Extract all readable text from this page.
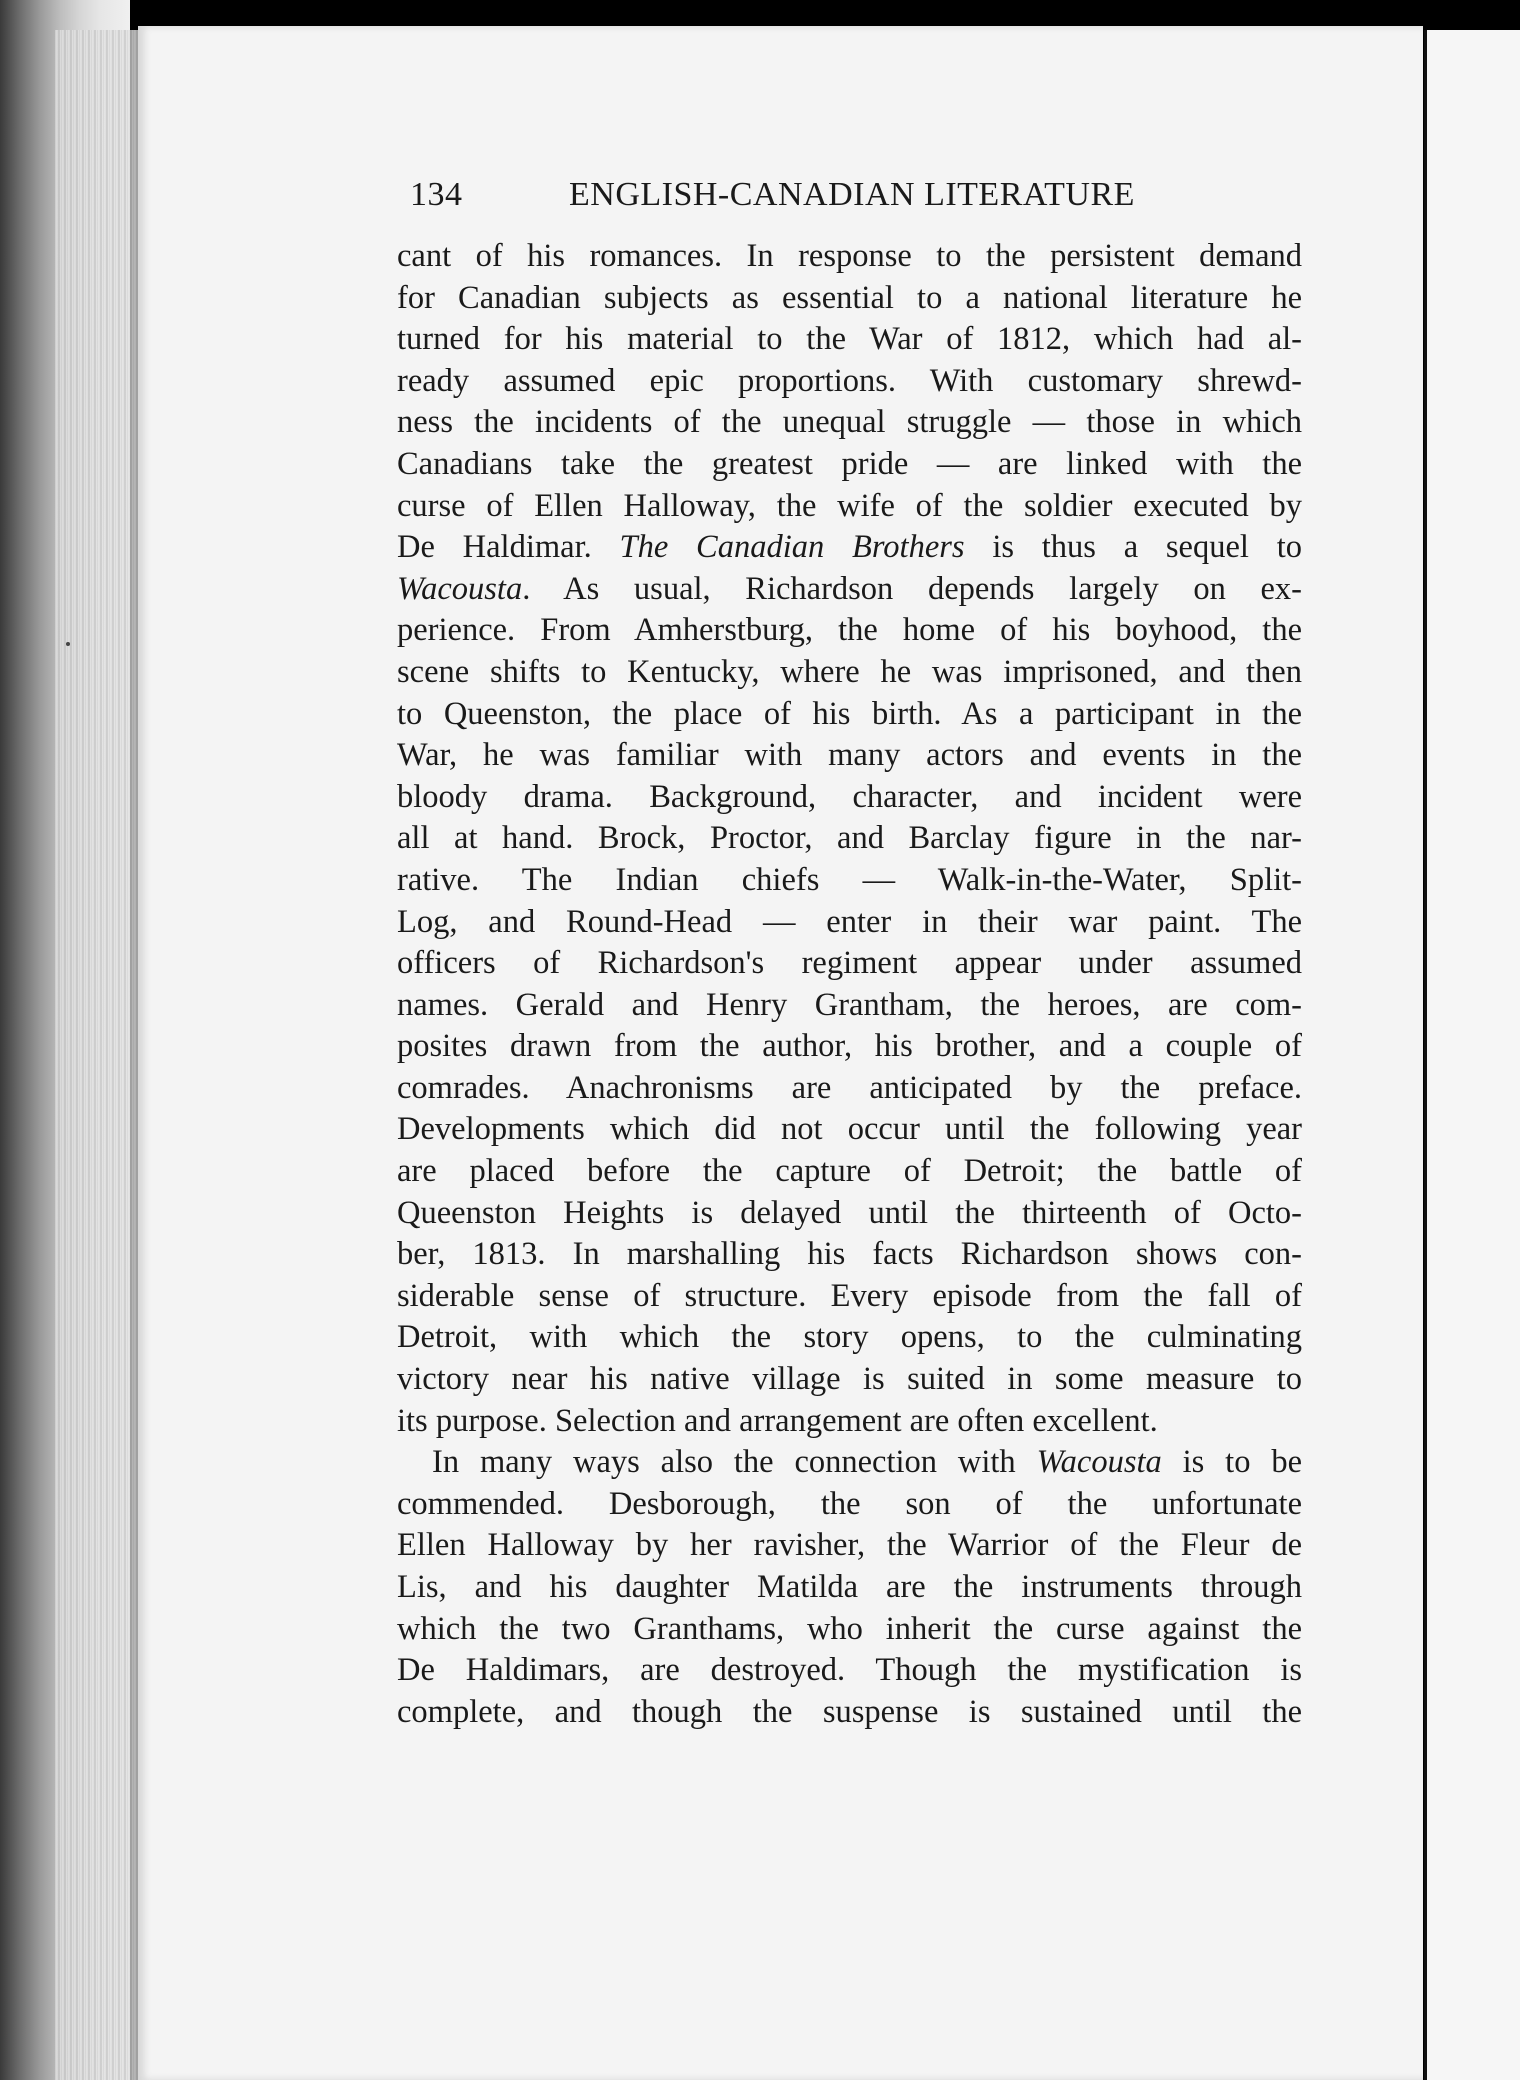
134	ENGLISH-CANADIAN LITERATURE
cant of his romances. In response to the persistent demand
for Canadian subjects as essential to a national literature he
turned for his material to the War of 1812, which had al-
ready assumed epic proportions. With customary shrewd-
ness the incidents of the unequal struggle — those in which
Canadians take the greatest pride — are linked with the
curse of Ellen Halloway, the wife of the soldier executed by
De Haldimar. The Canadian Brothers is thus a sequel to
Wacousta. As usual, Richardson depends largely on ex-
perience. From Amherstburg, the home of his boyhood, the
scene shifts to Kentucky, where he was imprisoned, and then
to Queenston, the place of his birth. As a participant in the
War, he was familiar with many actors and events in the
bloody drama. Background, character, and incident were
all at hand. Brock, Proctor, and Barclay figure in the nar-
rative. The Indian chiefs — Walk-in-the-Water, Split-
Log, and Round-Head — enter in their war paint. The
officers of Richardson's regiment appear under assumed
names. Gerald and Henry Grantham, the heroes, are com-
posites drawn from the author, his brother, and a couple of
comrades. Anachronisms are anticipated by the preface.
Developments which did not occur until the following year
are placed before the capture of Detroit; the battle of
Queenston Heights is delayed until the thirteenth of Octo-
ber, 1813. In marshalling his facts Richardson shows con-
siderable sense of structure. Every episode from the fall of
Detroit, with which the story opens, to the culminating
victory near his native village is suited in some measure to
its purpose. Selection and arrangement are often excellent.
In many ways also the connection with Wacousta is to be
commended. Desborough, the son of the unfortunate
Ellen Halloway by her ravisher, the Warrior of the Fleur de
Lis, and his daughter Matilda are the instruments through
which the two Granthams, who inherit the curse against the
De Haldimars, are destroyed. Though the mystification is
complete, and though the suspense is sustained until the
